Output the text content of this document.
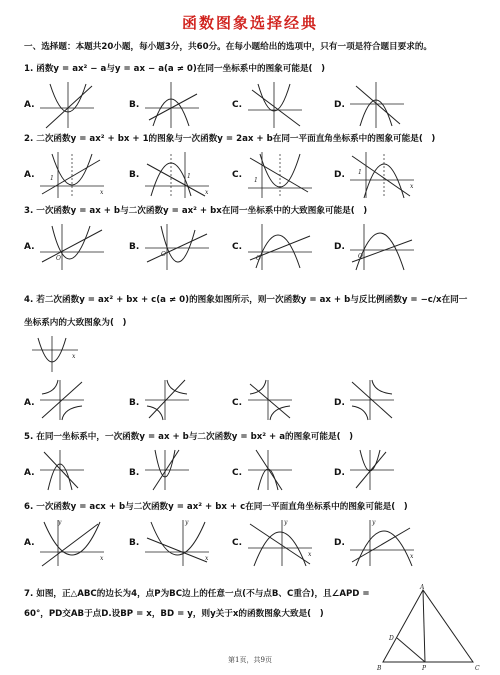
函数图象选择经典
一、选择题：本题共20小题，每小题3分，共60分。在每小题给出的选项中，只有一项是符合题目要求的。
1. 函数y = ax² − a与y = ax − a(a ≠ 0)在同一坐标系中的图象可能是(　)
A.	B.	C.	D.
2. 二次函数y = ax² + bx + 1的图象与一次函数y = 2ax + b在同一平面直角坐标系中的图象可能是(　)
A.	1
x
B.	1
x
C.
1
D. 1
x
3. 一次函数y = ax + b与二次函数y = ax² + bx在同一坐标系中的大致图象可能是(　)
A.
O
B.
O
C.
O
D.
O
4. 若二次函数y = ax² + bx + c(a ≠ 0)的图象如图所示，则一次函数y = ax + b与反比例函数y = −c/x在同一
坐标系内的大致图象为(　)
x
A.	B.	C.	D.
5. 在同一坐标系中，一次函数y = ax + b与二次函数y = bx² + a的图象可能是(　)
A.	B.	C.	D.
6. 一次函数y = acx + b与二次函数y = ax² + bx + c在同一平面直角坐标系中的图象可能是(　)
A.
y
x
B.
y
x
C.
y
x
D.
y
x
7. 如图，正△ABC的边长为4，点P为BC边上的任意一点(不与点B、C重合)，且∠APD =
60°，PD交AB于点D.设BP = x，BD = y，则y关于x的函数图象大致是(　)
A
B	C
D
P
第1页，共9页
